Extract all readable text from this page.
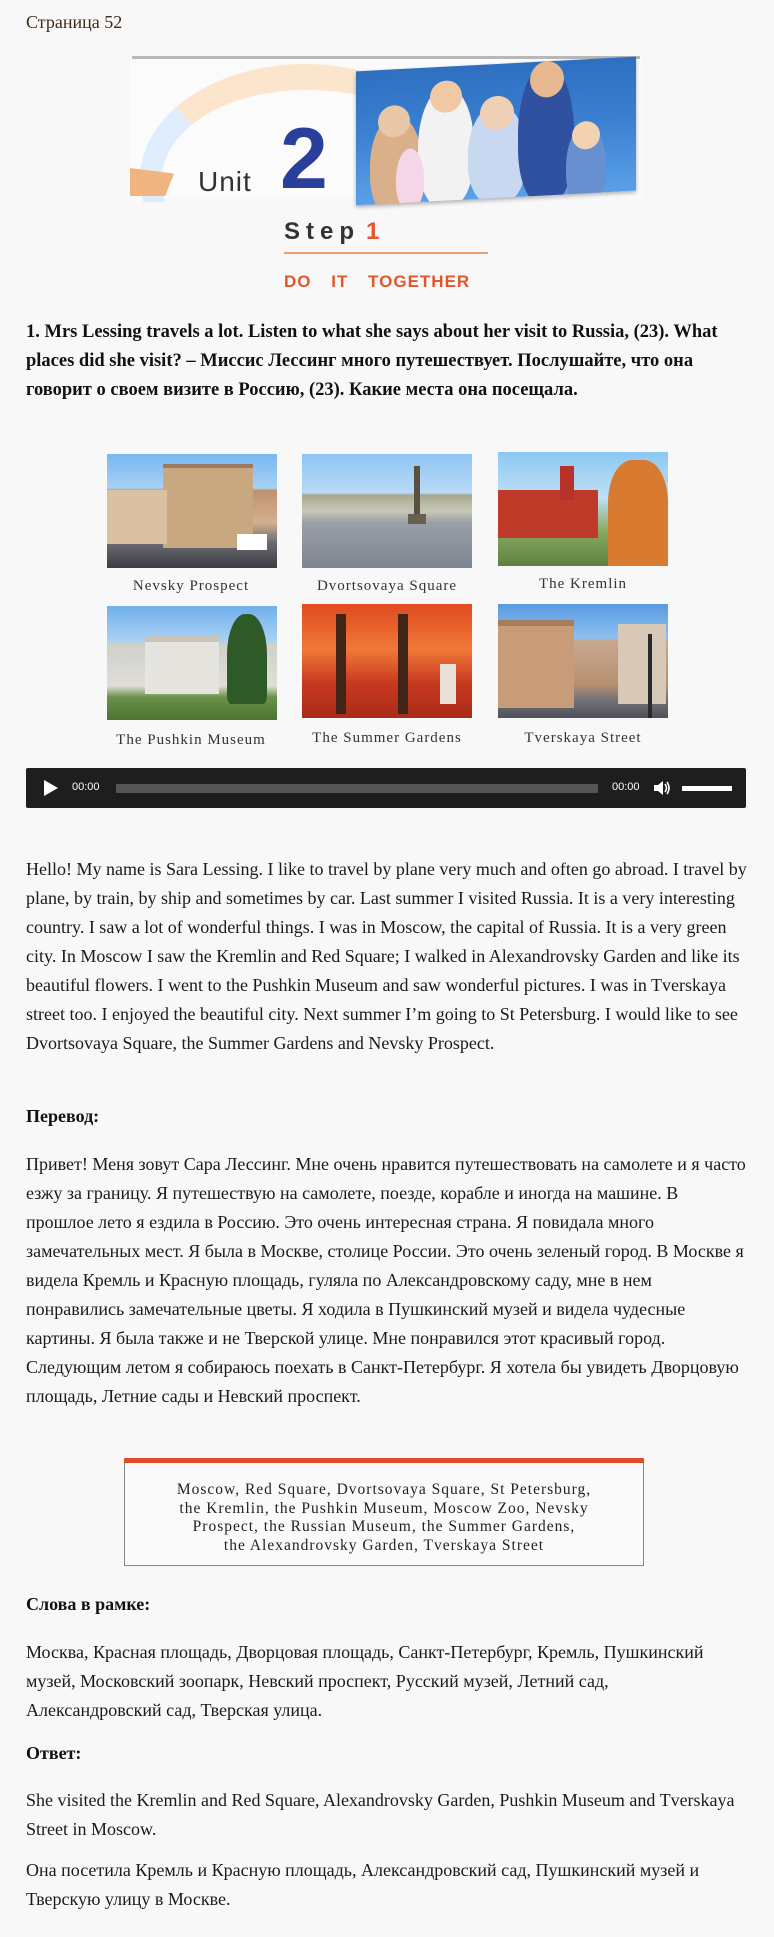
Страница 52
Unit 2
Step 1
DO IT TOGETHER
1. Mrs Lessing travels a lot. Listen to what she says about her visit to Russia, (23). What places did she visit? – Миссис Лессинг много путешествует. Послушайте, что она говорит о своем визите в Россию, (23). Какие места она посещала.
Nevsky Prospect	Dvortsovaya Square	The Kremlin
The Pushkin Museum	The Summer Gardens	Tverskaya Street
00:00	00:00

Hello! My name is Sara Lessing. I like to travel by plane very much and often go abroad. I travel by plane, by train, by ship and sometimes by car. Last summer I visited Russia. It is a very interesting country. I saw a lot of wonderful things. I was in Moscow, the capital of Russia. It is a very green city. In Moscow I saw the Kremlin and Red Square; I walked in Alexandrovsky Garden and like its beautiful flowers. I went to the Pushkin Museum and saw wonderful pictures. I was in Tverskaya street too. I enjoyed the beautiful city. Next summer I’m going to St Petersburg. I would like to see Dvortsovaya Square, the Summer Gardens and Nevsky Prospect.

Перевод:

Привет! Меня зовут Сара Лессинг. Мне очень нравится путешествовать на самолете и я часто езжу за границу. Я путешествую на самолете, поезде, корабле и иногда на машине. В прошлое лето я ездила в Россию. Это очень интересная страна. Я повидала много замечательных мест. Я была в Москве, столице России. Это очень зеленый город. В Москве я видела Кремль и Красную площадь, гуляла по Александровскому саду, мне в нем понравились замечательные цветы. Я ходила в Пушкинский музей и видела чудесные картины. Я была также и не Тверской улице. Мне понравился этот красивый город. Следующим летом я собираюсь поехать в Санкт-Петербург. Я хотела бы увидеть Дворцовую площадь, Летние сады и Невский проспект.

Moscow, Red Square, Dvortsovaya Square, St Petersburg,
the Kremlin, the Pushkin Museum, Moscow Zoo, Nevsky
Prospect, the Russian Museum, the Summer Gardens,
the Alexandrovsky Garden, Tverskaya Street
Слова в рамке:

Москва, Красная площадь, Дворцовая площадь, Санкт-Петербург, Кремль, Пушкинский музей, Московский зоопарк, Невский проспект, Русский музей, Летний сад, Александровский сад, Тверская улица.

Ответ:

She visited the Kremlin and Red Square, Alexandrovsky Garden, Pushkin Museum and Tverskaya Street in Moscow.

Она посетила Кремль и Красную площадь, Александровский сад, Пушкинский музей и Тверскую улицу в Москве.
